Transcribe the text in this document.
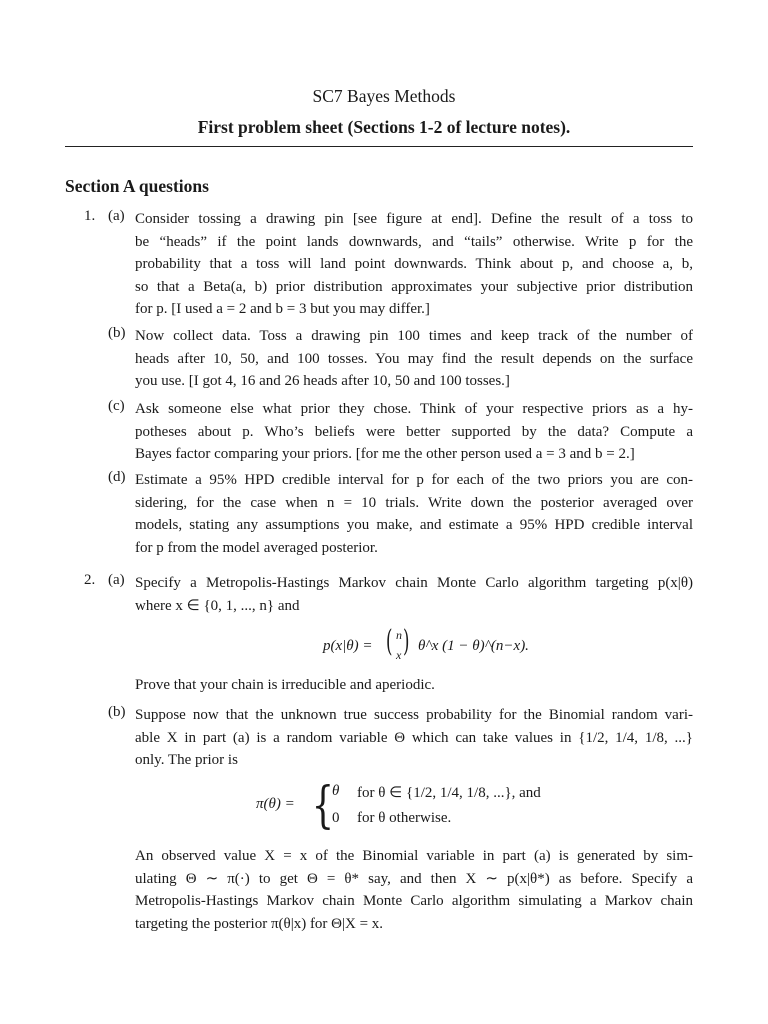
SC7 Bayes Methods
First problem sheet (Sections 1-2 of lecture notes).
Section A questions
1. (a) Consider tossing a drawing pin [see figure at end]. Define the result of a toss to
be “heads” if the point lands downwards, and “tails” otherwise. Write p for the
probability that a toss will land point downwards. Think about p, and choose a, b,
so that a Beta(a, b) prior distribution approximates your subjective prior distribution
for p. [I used a = 2 and b = 3 but you may differ.]
(b) Now collect data. Toss a drawing pin 100 times and keep track of the number of
heads after 10, 50, and 100 tosses. You may find the result depends on the surface
you use. [I got 4, 16 and 26 heads after 10, 50 and 100 tosses.]
(c) Ask someone else what prior they chose. Think of your respective priors as a hy-
potheses about p. Who’s beliefs were better supported by the data? Compute a
Bayes factor comparing your priors. [for me the other person used a = 3 and b = 2.]
(d) Estimate a 95% HPD credible interval for p for each of the two priors you are con-
sidering, for the case when n = 10 trials. Write down the posterior averaged over
models, stating any assumptions you make, and estimate a 95% HPD credible interval
for p from the model averaged posterior.
2. (a) Specify a Metropolis-Hastings Markov chain Monte Carlo algorithm targeting p(x|θ)
where x ∈ {0, 1, ..., n} and
p(x|θ) = ( n
x ) θ^x (1 − θ)^(n−x).
Prove that your chain is irreducible and aperiodic.
(b) Suppose now that the unknown true success probability for the Binomial random vari-
able X in part (a) is a random variable Θ which can take values in {1/2, 1/4, 1/8, ...}
only. The prior is
π(θ) = {
θ for θ ∈ {1/2, 1/4, 1/8, ...}, and
0 for θ otherwise.
An observed value X = x of the Binomial variable in part (a) is generated by sim-
ulating Θ ∼ π(·) to get Θ = θ* say, and then X ∼ p(x|θ*) as before. Specify a
Metropolis-Hastings Markov chain Monte Carlo algorithm simulating a Markov chain
targeting the posterior π(θ|x) for Θ|X = x.
